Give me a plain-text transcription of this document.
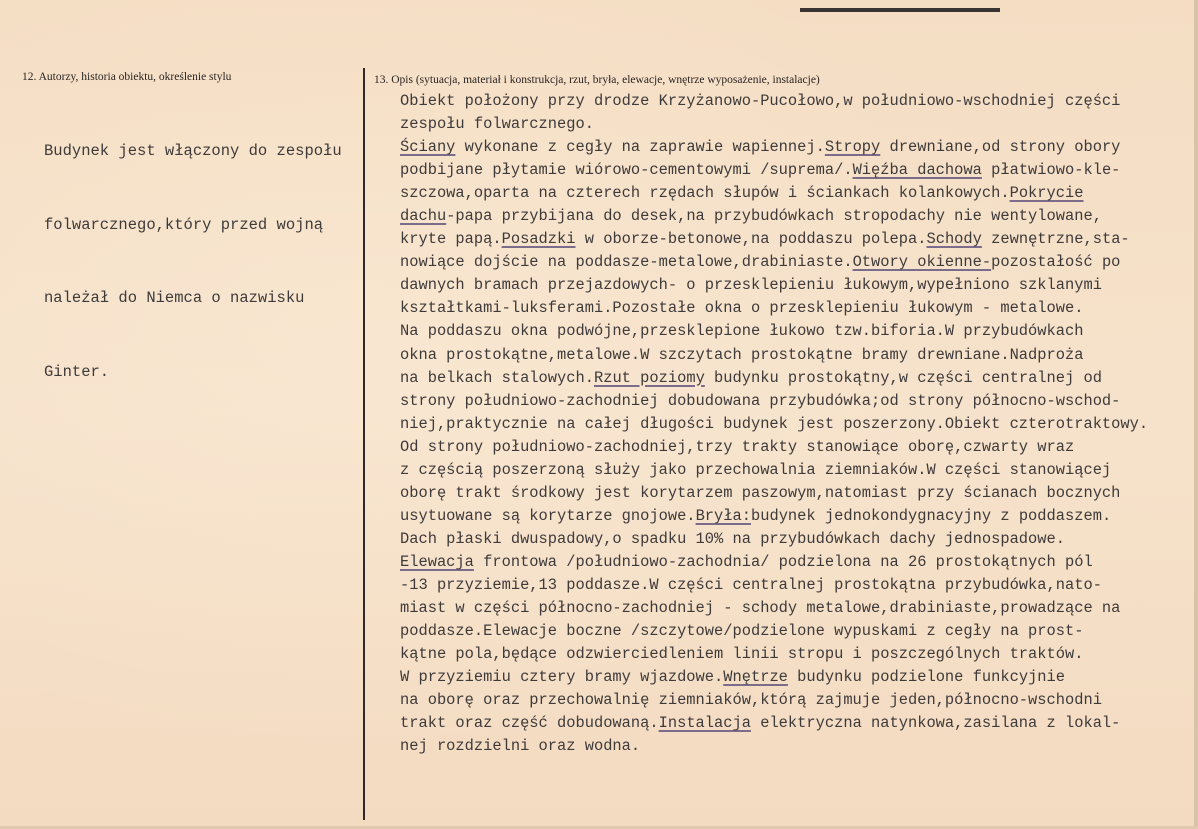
12. Autorzy, historia obiektu, określenie stylu

Budynek jest włączony do zespołu

folwarcznego,który przed wojną

należał do Niemca o nazwisku

Ginter.

13. Opis (sytuacja, materiał i konstrukcja, rzut, bryła, elewacje, wnętrze wyposażenie, instalacje)
Obiekt położony przy drodze Krzyżanowo-Pucołowo,w południowo-wschodniej części
zespołu folwarcznego.
Ściany wykonane z cegły na zaprawie wapiennej.Stropy drewniane,od strony obory
podbijane płytamie wiórowo-cementowymi /suprema/.Więźba dachowa płatwiowo-kle-
szczowa,oparta na czterech rzędach słupów i ściankach kolankowych.Pokrycie
dachu-papa przybijana do desek,na przybudówkach stropodachy nie wentylowane,
kryte papą.Posadzki w oborze-betonowe,na poddaszu polepa.Schody zewnętrzne,sta-
nowiące dojście na poddasze-metalowe,drabiniaste.Otwory okienne-pozostałość po
dawnych bramach przejazdowych- o przesklepieniu łukowym,wypełniono szklanymi
kształtkami-luksferami.Pozostałe okna o przesklepieniu łukowym - metalowe.
Na poddaszu okna podwójne,przesklepione łukowo tzw.biforia.W przybudówkach
okna prostokątne,metalowe.W szczytach prostokątne bramy drewniane.Nadproża
na belkach stalowych.Rzut poziomy budynku prostokątny,w części centralnej od
strony południowo-zachodniej dobudowana przybudówka;od strony północno-wschod-
niej,praktycznie na całej długości budynek jest poszerzony.Obiekt czterotraktowy.
Od strony południowo-zachodniej,trzy trakty stanowiące oborę,czwarty wraz
z częścią poszerzoną służy jako przechowalnia ziemniaków.W części stanowiącej
oborę trakt środkowy jest korytarzem paszowym,natomiast przy ścianach bocznych
usytuowane są korytarze gnojowe.Bryła:budynek jednokondygnacyjny z poddaszem.
Dach płaski dwuspadowy,o spadku 10% na przybudówkach dachy jednospadowe.
Elewacja frontowa /południowo-zachodnia/ podzielona na 26 prostokątnych pól
-13 przyziemie,13 poddasze.W części centralnej prostokątna przybudówka,nato-
miast w części północno-zachodniej - schody metalowe,drabiniaste,prowadzące na
poddasze.Elewacje boczne /szczytowe/podzielone wypuskami z cegły na prost-
kątne pola,będące odzwierciedleniem linii stropu i poszczególnych traktów.
W przyziemiu cztery bramy wjazdowe.Wnętrze budynku podzielone funkcyjnie
na oborę oraz przechowalnię ziemniaków,którą zajmuje jeden,północno-wschodni
trakt oraz część dobudowaną.Instalacja elektryczna natynkowa,zasilana z lokal-
nej rozdzielni oraz wodna.
